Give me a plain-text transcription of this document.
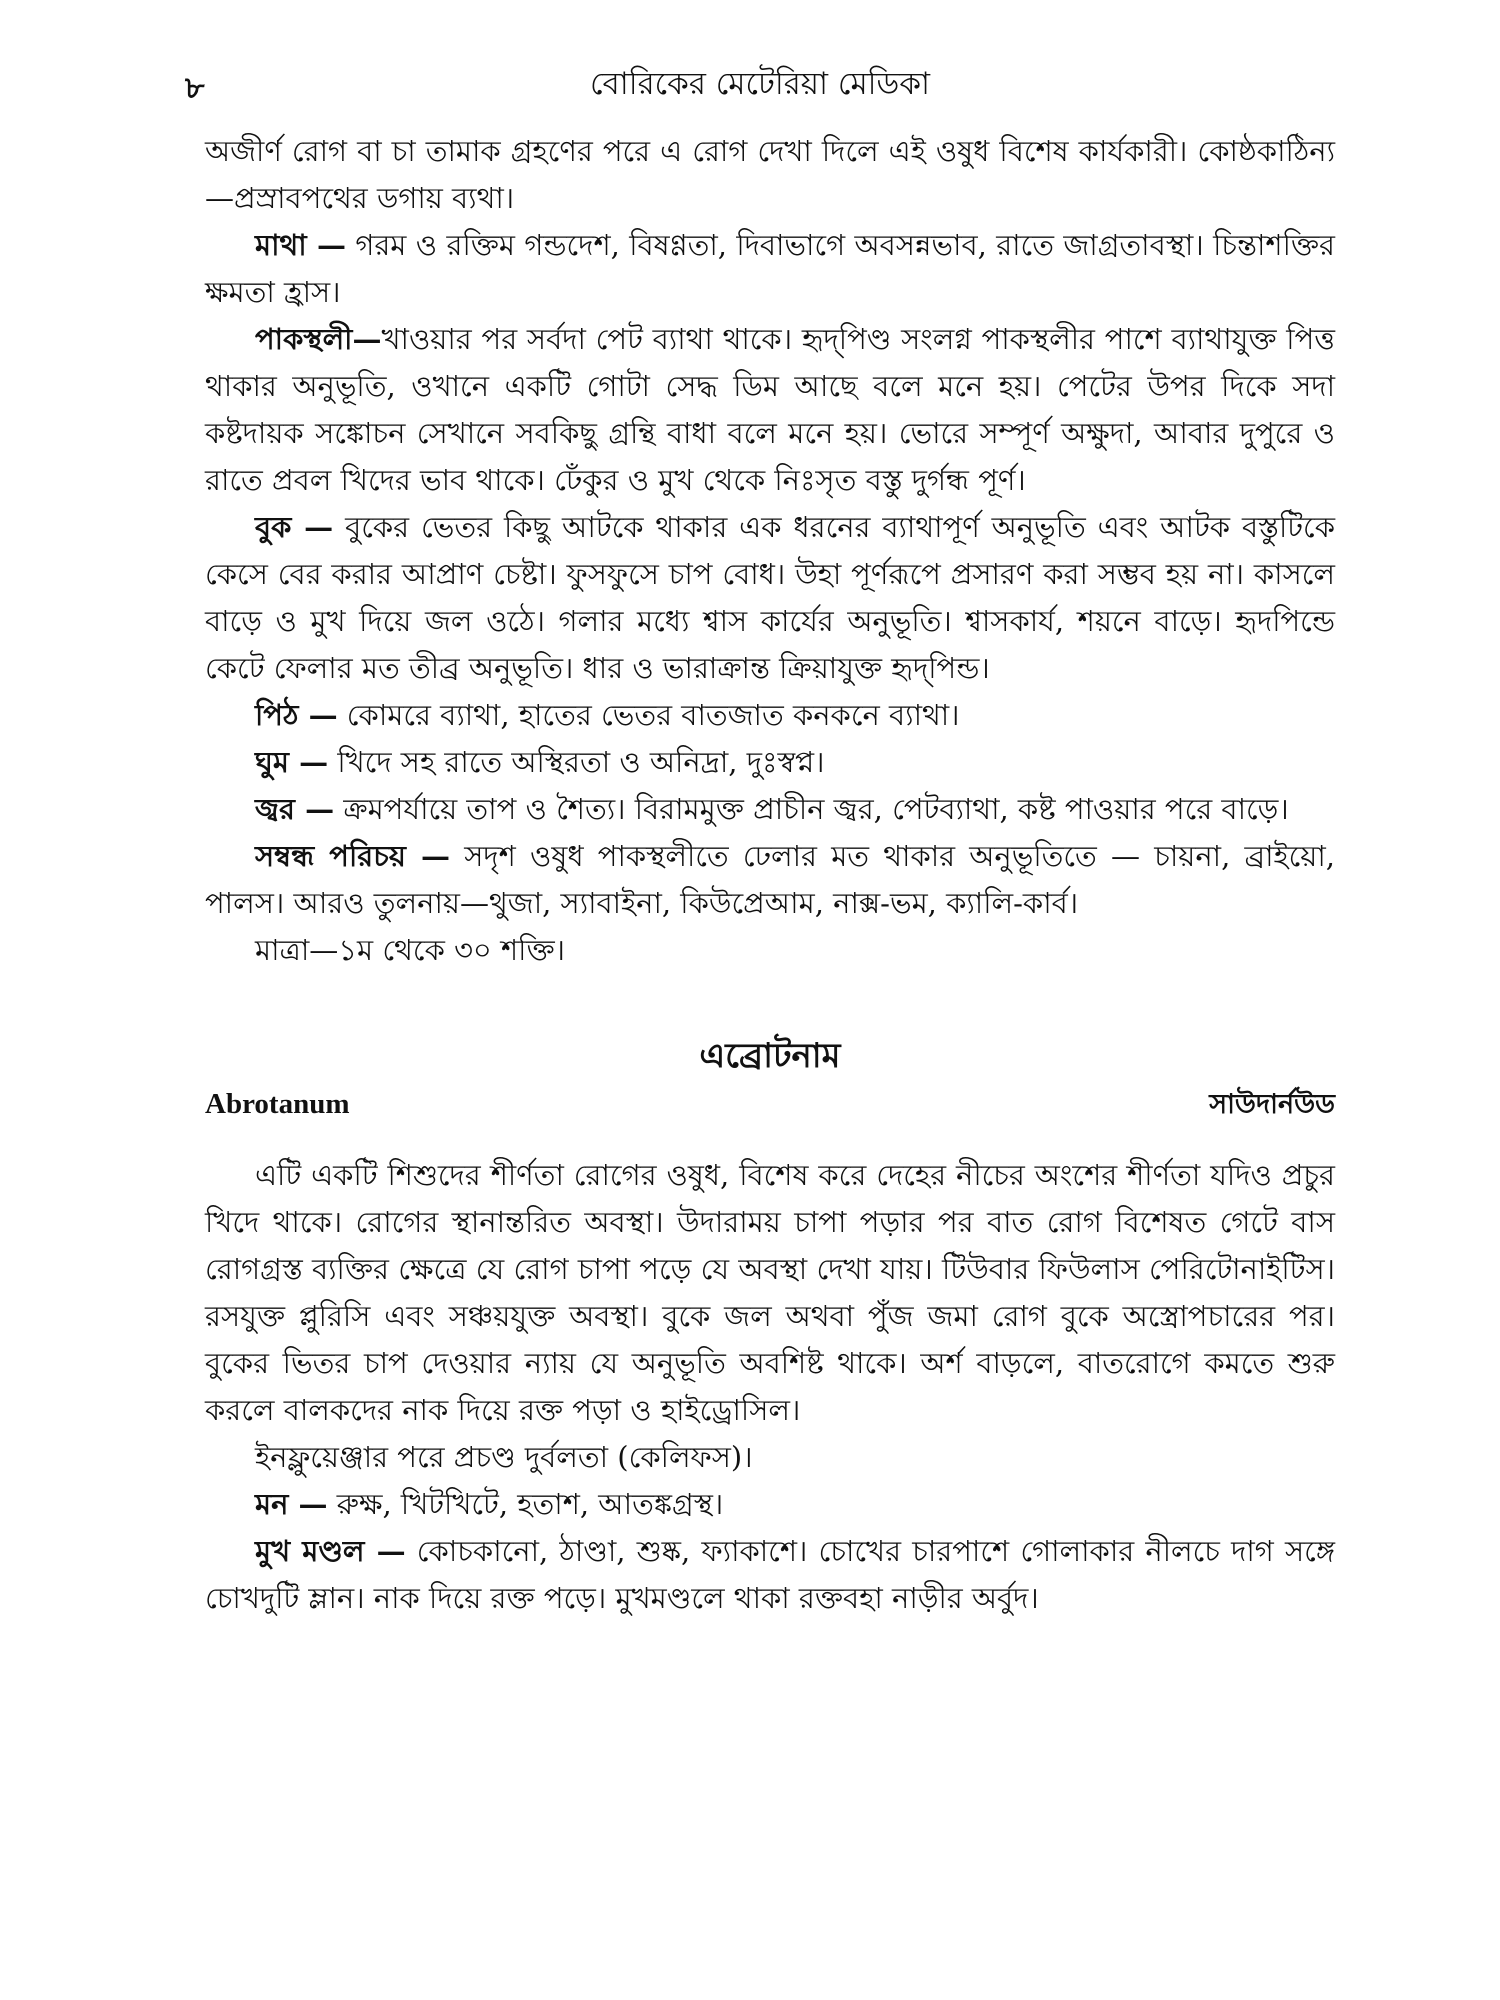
৮	বোরিকের মেটেরিয়া মেডিকা

অজীর্ণ রোগ বা চা তামাক গ্রহণের পরে এ রোগ দেখা দিলে এই ওষুধ বিশেষ কার্যকারী। কোষ্ঠকাঠিন্য—প্রস্রাবপথের ডগায় ব্যথা।

মাথা — গরম ও রক্তিম গন্ডদেশ, বিষণ্ণতা, দিবাভাগে অবসন্নভাব, রাতে জাগ্রতাবস্থা। চিন্তাশক্তির ক্ষমতা হ্রাস।

পাকস্থলী—খাওয়ার পর সর্বদা পেট ব্যাথা থাকে। হৃদ্‌পিণ্ড সংলগ্ন পাকস্থলীর পাশে ব্যাথাযুক্ত পিত্ত থাকার অনুভূতি, ওখানে একটি গোটা সেদ্ধ ডিম আছে বলে মনে হয়। পেটের উপর দিকে সদা কষ্টদায়ক সঙ্কোচন সেখানে সবকিছু গ্রন্থি বাধা বলে মনে হয়। ভোরে সম্পূর্ণ অক্ষুদা, আবার দুপুরে ও রাতে প্রবল খিদের ভাব থাকে। ঢেঁকুর ও মুখ থেকে নিঃসৃত বস্তু দুর্গন্ধ পূর্ণ।

বুক — বুকের ভেতর কিছু আটকে থাকার এক ধরনের ব্যাথাপূর্ণ অনুভূতি এবং আটক বস্তুটিকে কেসে বের করার আপ্রাণ চেষ্টা। ফুসফুসে চাপ বোধ। উহা পূর্ণরূপে প্রসারণ করা সম্ভব হয় না। কাসলে বাড়ে ও মুখ দিয়ে জল ওঠে। গলার মধ্যে শ্বাস কার্যের অনুভূতি। শ্বাসকার্য, শয়নে বাড়ে। হৃদপিন্ডে কেটে ফেলার মত তীব্র অনুভূতি। ধার ও ভারাক্রান্ত ক্রিয়াযুক্ত হৃদ্‌পিন্ড।

পিঠ — কোমরে ব্যাথা, হাতের ভেতর বাতজাত কনকনে ব্যাথা।

ঘুম — খিদে সহ রাতে অস্থিরতা ও অনিদ্রা, দুঃস্বপ্ন।

জ্বর — ক্রমপর্যায়ে তাপ ও শৈত্য। বিরামমুক্ত প্রাচীন জ্বর, পেটব্যাথা, কষ্ট পাওয়ার পরে বাড়ে।

সম্বন্ধ পরিচয় — সদৃশ ওষুধ পাকস্থলীতে ঢেলার মত থাকার অনুভূতিতে — চায়না, ব্রাইয়ো, পালস। আরও তুলনায়—থুজা, স্যাবাইনা, কিউপ্রেআম, নাক্স-ভম, ক্যালি-কার্ব।

মাত্রা—১ম থেকে ৩০ শক্তি।

এব্রোটনাম
Abrotanum	সাউদার্নউড

এটি একটি শিশুদের শীর্ণতা রোগের ওষুধ, বিশেষ করে দেহের নীচের অংশের শীর্ণতা যদিও প্রচুর খিদে থাকে। রোগের স্থানান্তরিত অবস্থা। উদারাময় চাপা পড়ার পর বাত রোগ বিশেষত গেটে বাস রোগগ্রস্ত ব্যক্তির ক্ষেত্রে যে রোগ চাপা পড়ে যে অবস্থা দেখা যায়। টিউবার ফিউলাস পেরিটোনাইটিস। রসযুক্ত প্লুরিসি এবং সঞ্চয়যুক্ত অবস্থা। বুকে জল অথবা পুঁজ জমা রোগ বুকে অস্ত্রোপচারের পর। বুকের ভিতর চাপ দেওয়ার ন্যায় যে অনুভূতি অবশিষ্ট থাকে। অর্শ বাড়লে, বাতরোগে কমতে শুরু করলে বালকদের নাক দিয়ে রক্ত পড়া ও হাইড্রোসিল।

ইনফ্লুয়েঞ্জার পরে প্রচণ্ড দুর্বলতা (কেলিফস)।

মন — রুক্ষ, খিটখিটে, হতাশ, আতঙ্কগ্রস্থ।

মুখ মণ্ডল — কোচকানো, ঠাণ্ডা, শুষ্ক, ফ্যাকাশে। চোখের চারপাশে গোলাকার নীলচে দাগ সঙ্গে চোখদুটি ম্লান। নাক দিয়ে রক্ত পড়ে। মুখমণ্ডলে থাকা রক্তবহা নাড়ীর অর্বুদ।
